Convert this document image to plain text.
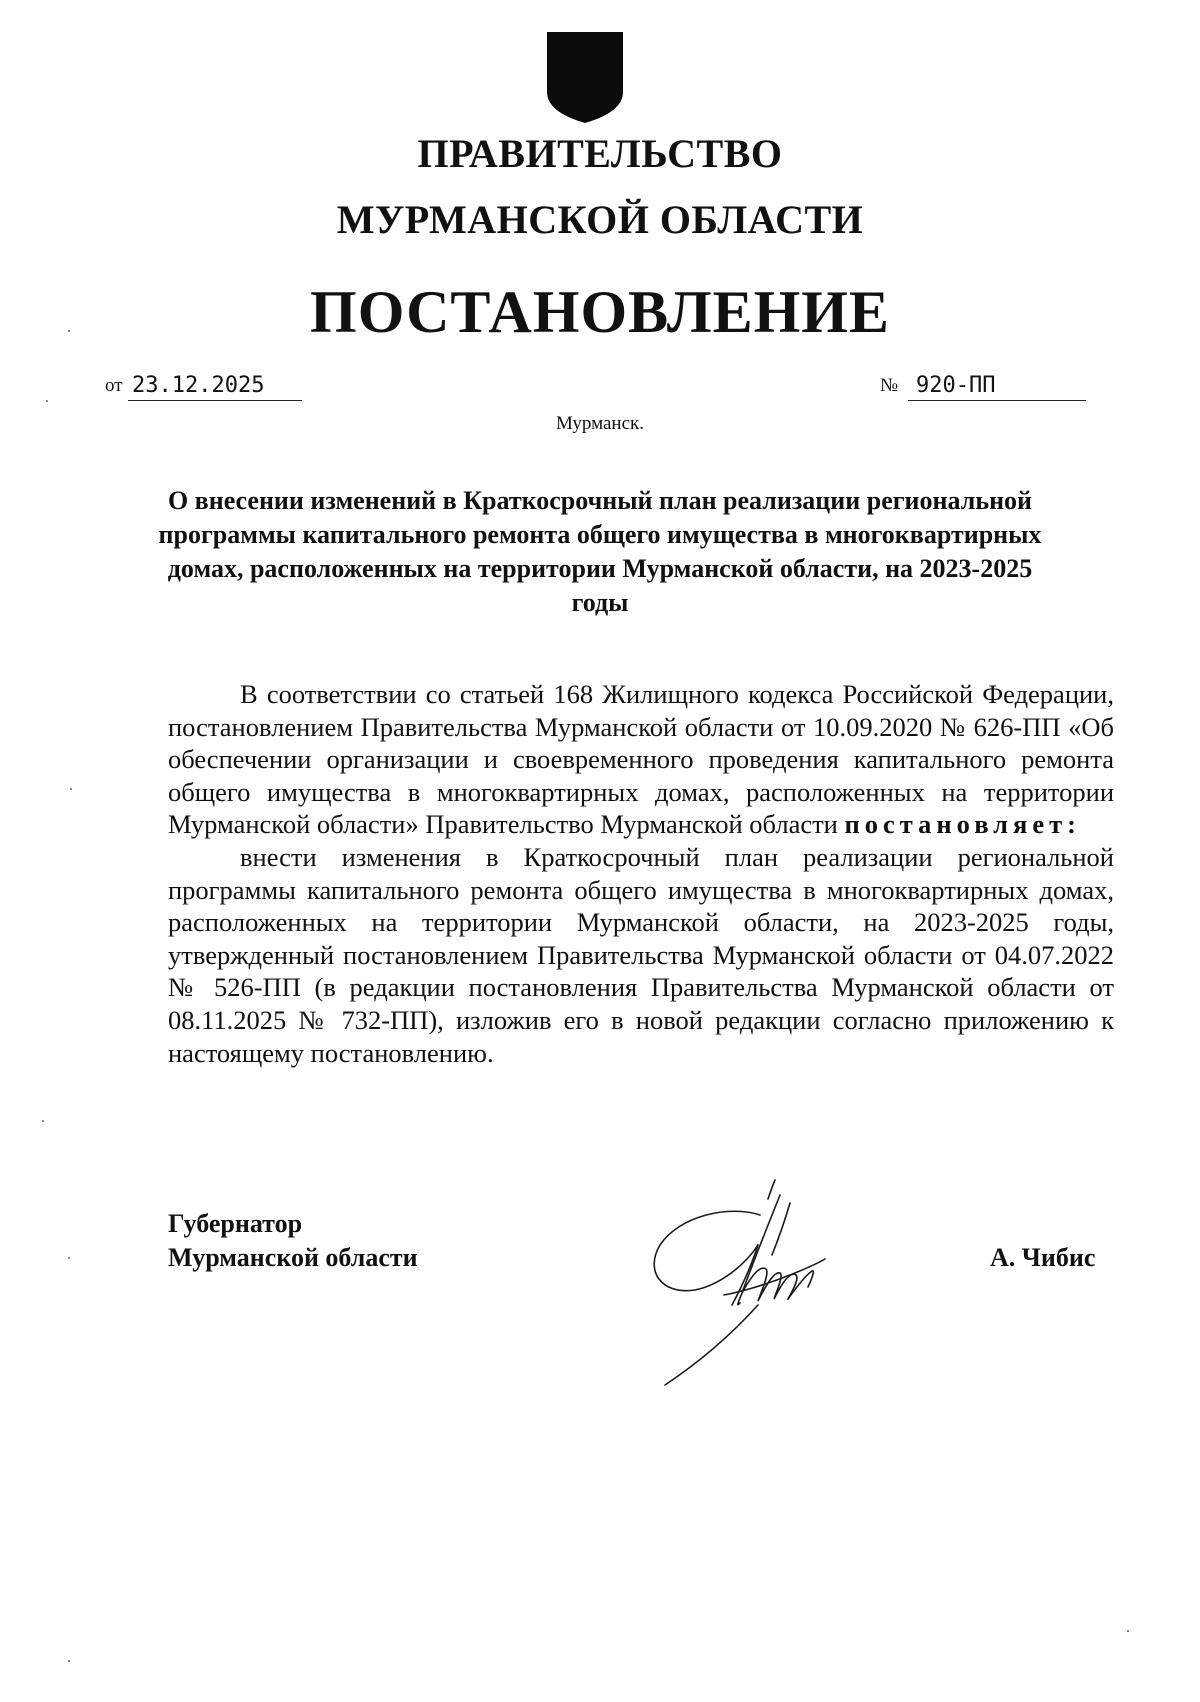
ПРАВИТЕЛЬСТВО
МУРМАНСКОЙ ОБЛАСТИ
ПОСТАНОВЛЕНИЕ
от 23.12.2025	№ 920-ПП
Мурманск.
О внесении изменений в Краткосрочный план реализации региональной программы капитального ремонта общего имущества в многоквартирных домах, расположенных на территории Мурманской области, на 2023-2025 годы

В соответствии со статьей 168 Жилищного кодекса Российской Федерации, постановлением Правительства Мурманской области от 10.09.2020 № 626-ПП «Об обеспечении организации и своевременного проведения капитального ремонта общего имущества в многоквартирных домах, расположенных на территории Мурманской области» Правительство Мурманской области постановляет:

внести изменения в Краткосрочный план реализации региональной программы капитального ремонта общего имущества в многоквартирных домах, расположенных на территории Мурманской области, на 2023-2025 годы, утвержденный постановлением Правительства Мурманской области от 04.07.2022 № 526-ПП (в редакции постановления Правительства Мурманской области от 08.11.2025 № 732-ПП), изложив его в новой редакции согласно приложению к настоящему постановлению.

Губернатор
Мурманской области	А. Чибис
